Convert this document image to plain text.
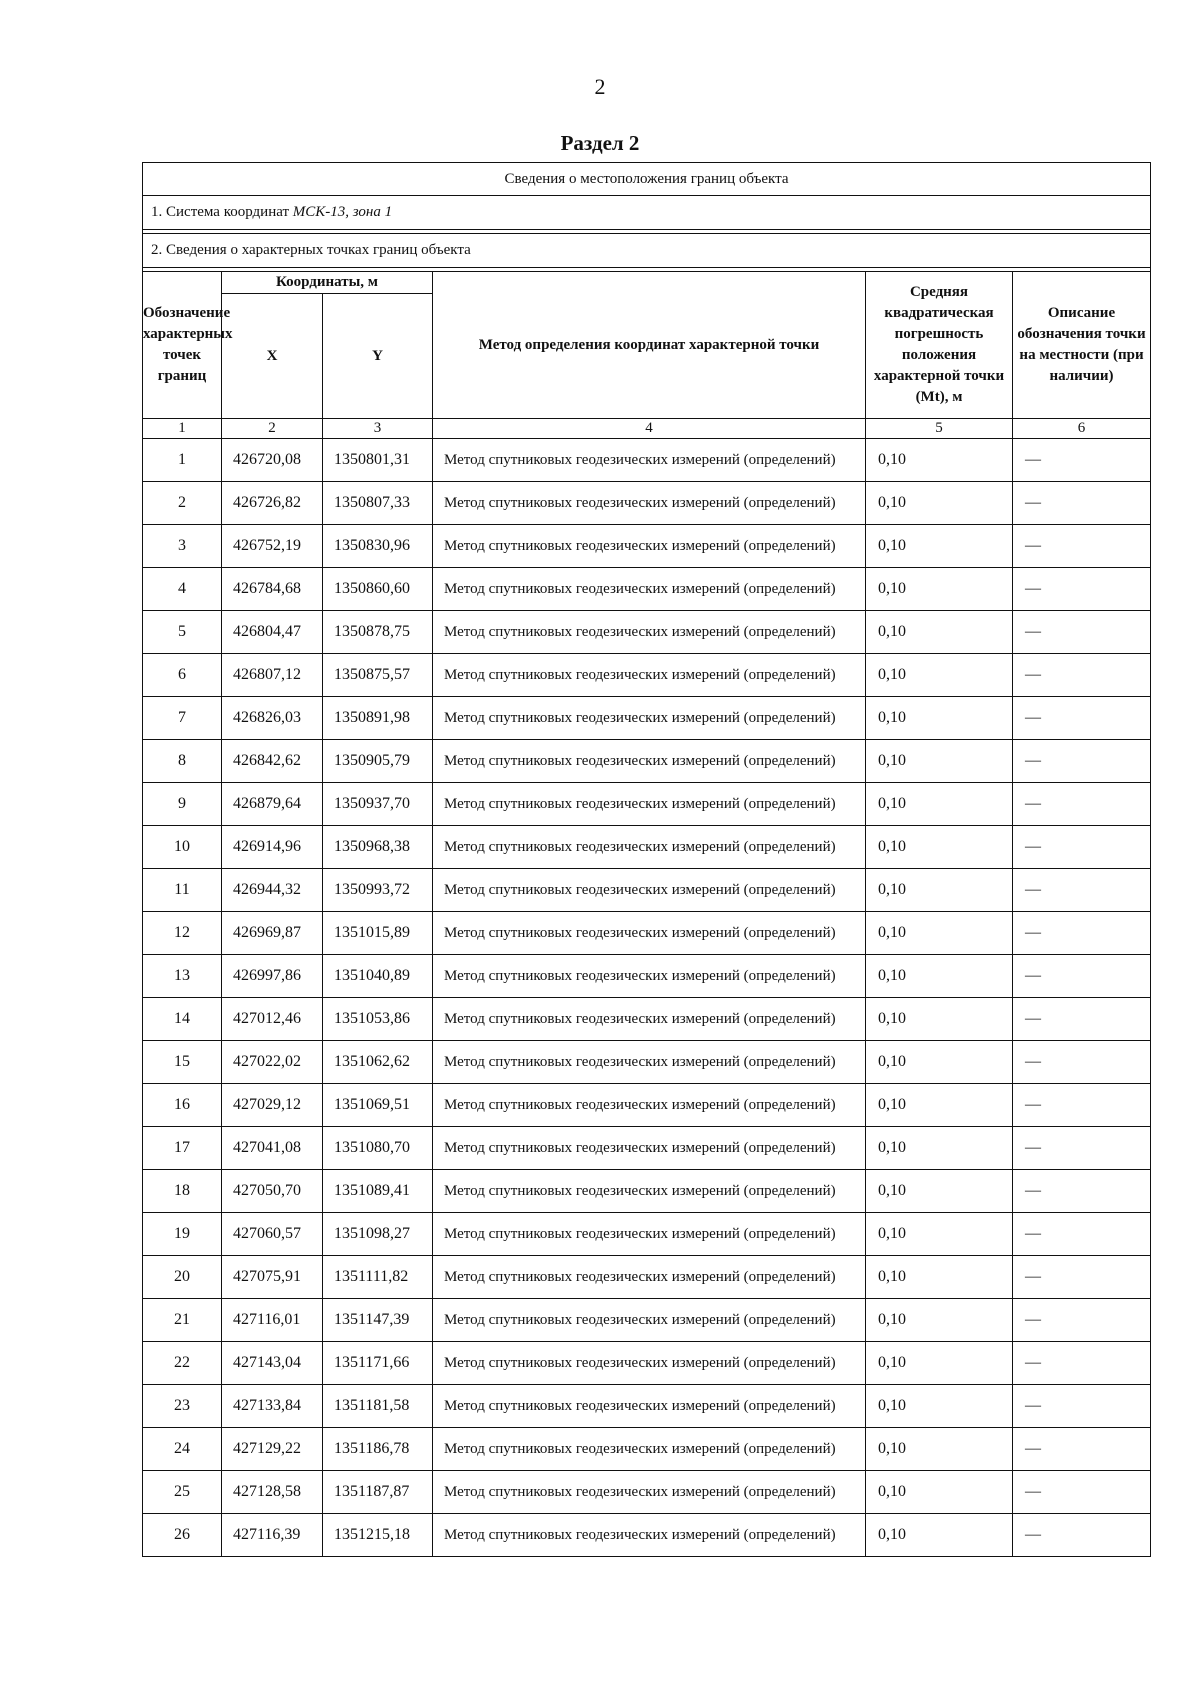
2
Раздел 2
Сведения о местоположения границ объекта					
1. Система координат МСК-13, зона 1					

2. Сведения о характерных точках границ объекта					

Обозначение характерных точек границ	Координаты, м		Метод определения координат характерной точки	Средняя квадратическая погрешность положения характерной точки (Mt), м	Описание обозначения точки на местности (при наличии)
	X	Y			
1	2	3	4	5	6
1	426720,08	1350801,31	Метод спутниковых геодезических измерений (определений)	0,10	—
2	426726,82	1350807,33	Метод спутниковых геодезических измерений (определений)	0,10	—
3	426752,19	1350830,96	Метод спутниковых геодезических измерений (определений)	0,10	—
4	426784,68	1350860,60	Метод спутниковых геодезических измерений (определений)	0,10	—
5	426804,47	1350878,75	Метод спутниковых геодезических измерений (определений)	0,10	—
6	426807,12	1350875,57	Метод спутниковых геодезических измерений (определений)	0,10	—
7	426826,03	1350891,98	Метод спутниковых геодезических измерений (определений)	0,10	—
8	426842,62	1350905,79	Метод спутниковых геодезических измерений (определений)	0,10	—
9	426879,64	1350937,70	Метод спутниковых геодезических измерений (определений)	0,10	—
10	426914,96	1350968,38	Метод спутниковых геодезических измерений (определений)	0,10	—
11	426944,32	1350993,72	Метод спутниковых геодезических измерений (определений)	0,10	—
12	426969,87	1351015,89	Метод спутниковых геодезических измерений (определений)	0,10	—
13	426997,86	1351040,89	Метод спутниковых геодезических измерений (определений)	0,10	—
14	427012,46	1351053,86	Метод спутниковых геодезических измерений (определений)	0,10	—
15	427022,02	1351062,62	Метод спутниковых геодезических измерений (определений)	0,10	—
16	427029,12	1351069,51	Метод спутниковых геодезических измерений (определений)	0,10	—
17	427041,08	1351080,70	Метод спутниковых геодезических измерений (определений)	0,10	—
18	427050,70	1351089,41	Метод спутниковых геодезических измерений (определений)	0,10	—
19	427060,57	1351098,27	Метод спутниковых геодезических измерений (определений)	0,10	—
20	427075,91	1351111,82	Метод спутниковых геодезических измерений (определений)	0,10	—
21	427116,01	1351147,39	Метод спутниковых геодезических измерений (определений)	0,10	—
22	427143,04	1351171,66	Метод спутниковых геодезических измерений (определений)	0,10	—
23	427133,84	1351181,58	Метод спутниковых геодезических измерений (определений)	0,10	—
24	427129,22	1351186,78	Метод спутниковых геодезических измерений (определений)	0,10	—
25	427128,58	1351187,87	Метод спутниковых геодезических измерений (определений)	0,10	—
26	427116,39	1351215,18	Метод спутниковых геодезических измерений (определений)	0,10	—
